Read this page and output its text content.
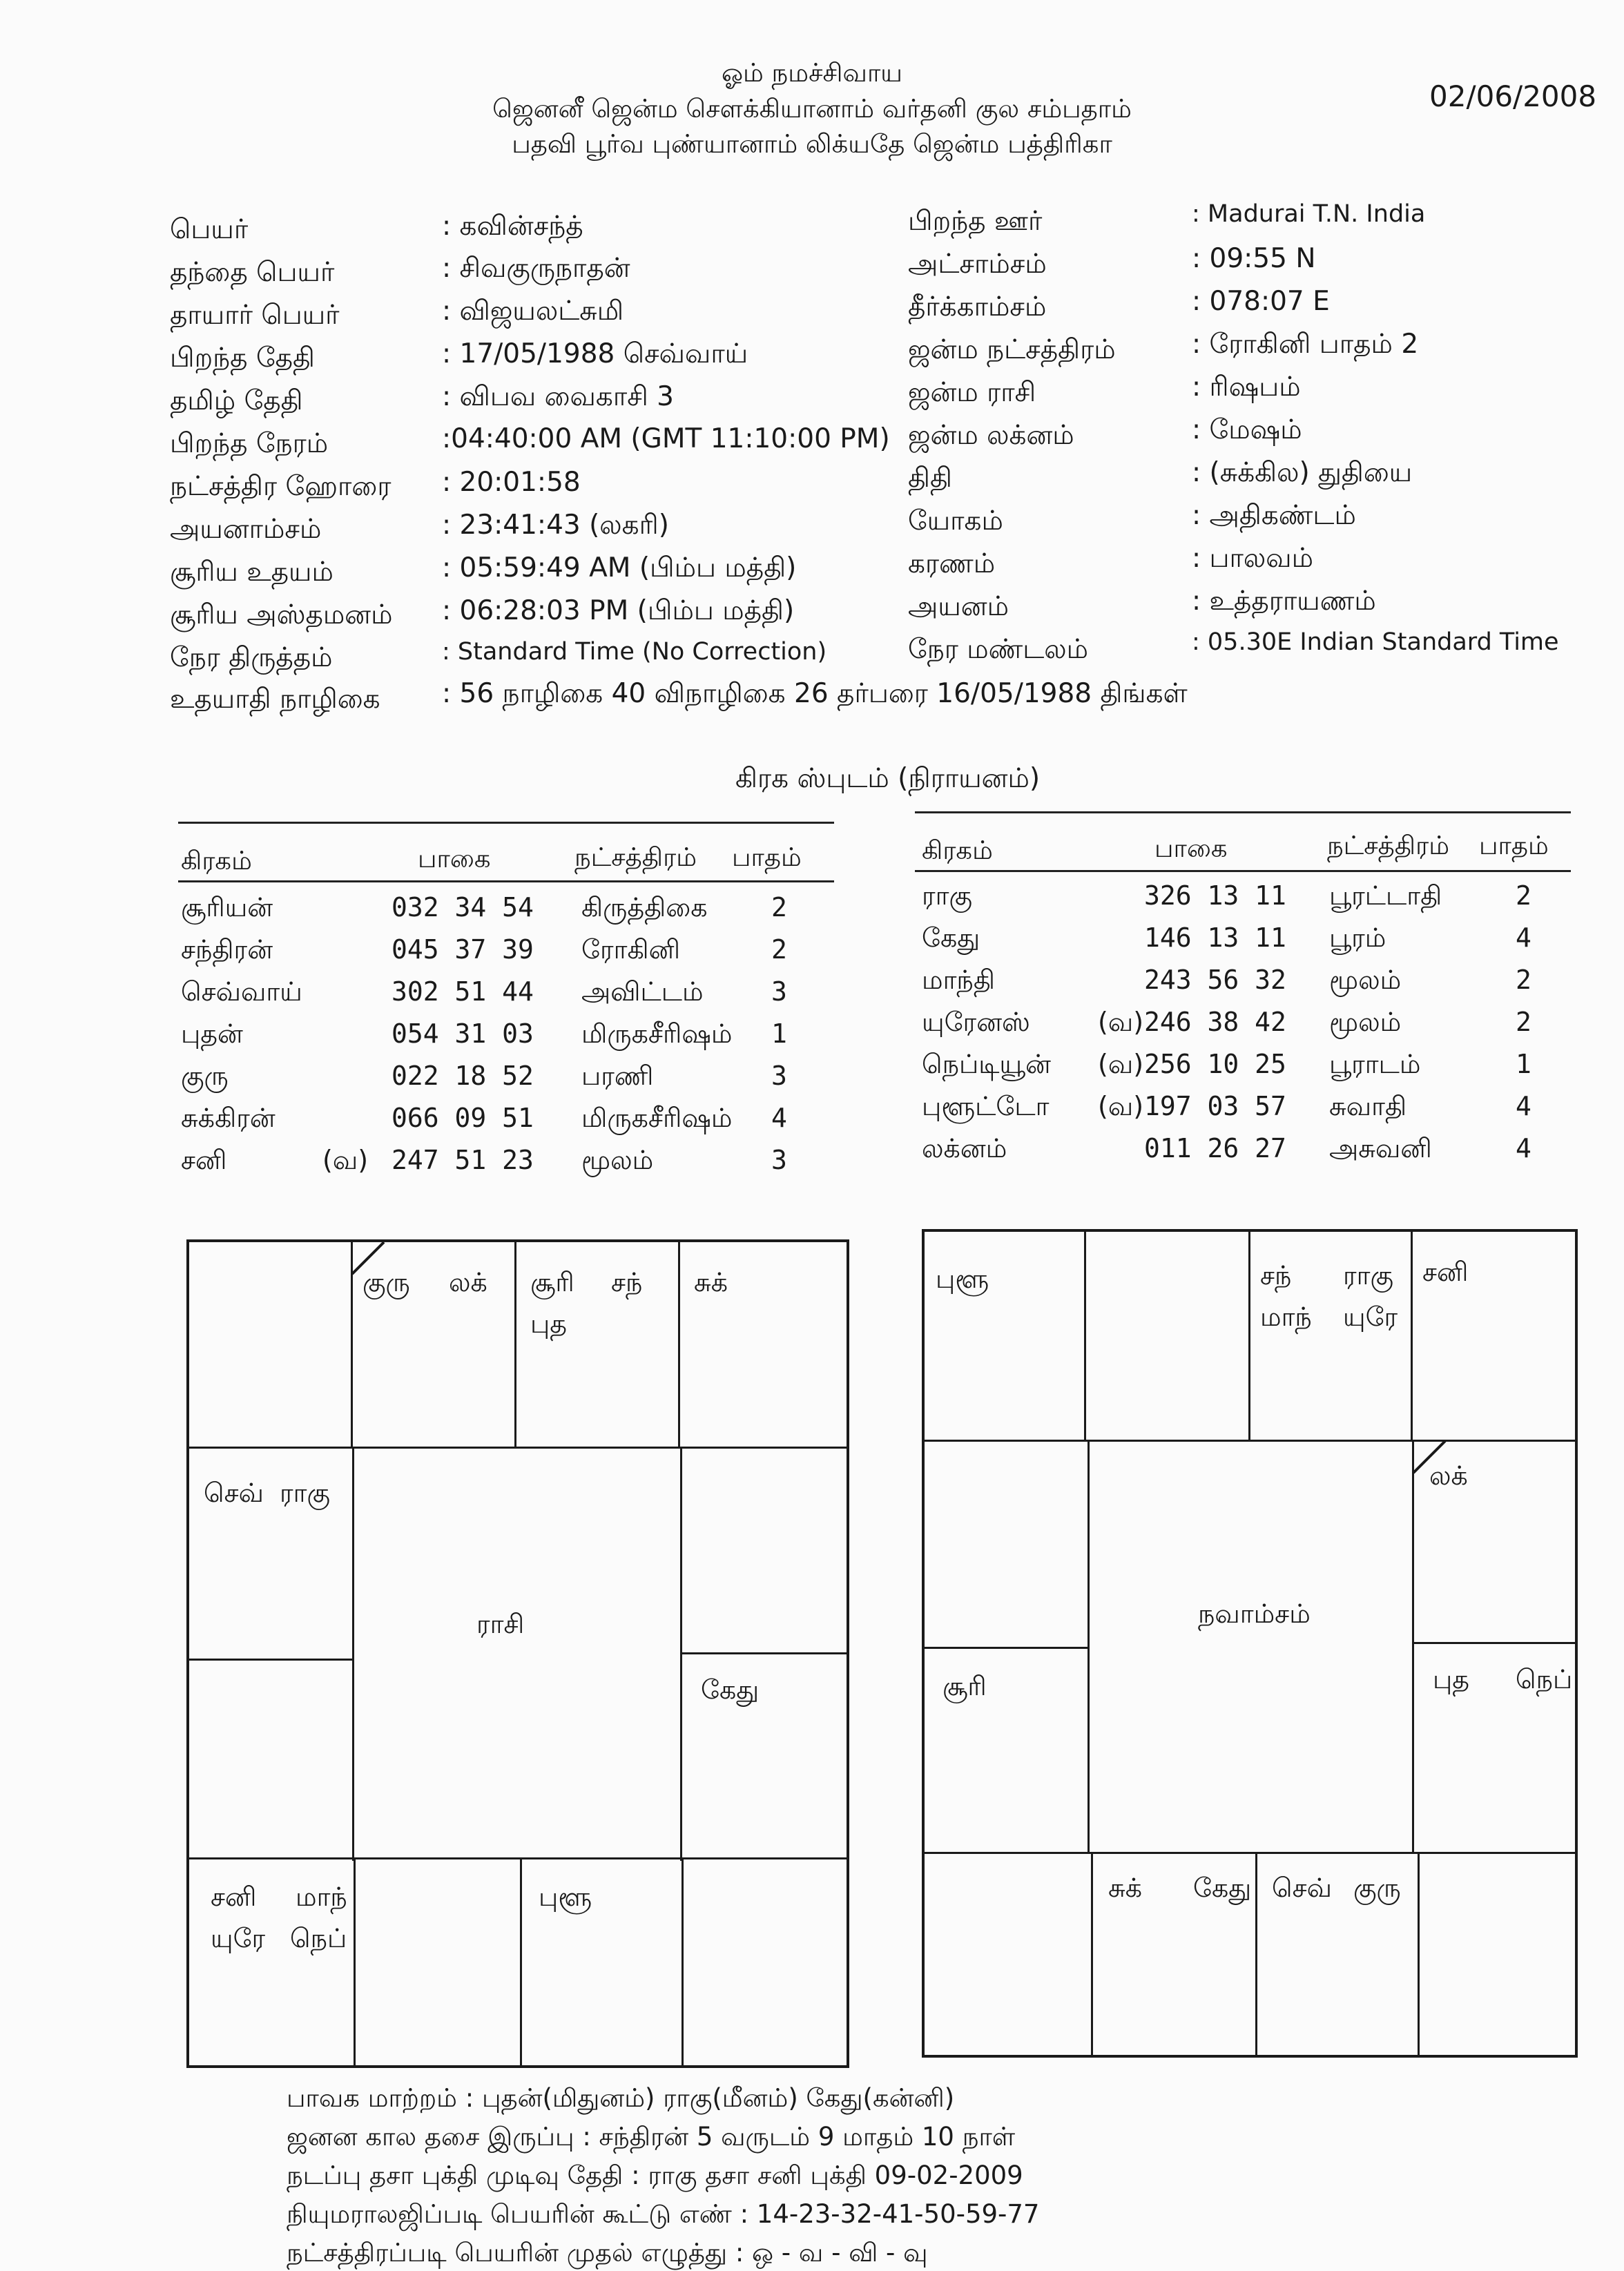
ஓம் நமச்சிவாய
ஜெனனீ ஜென்ம சௌக்கியானாம் வர்தனி குல சம்பதாம்
பதவி பூர்வ புண்யானாம் லிக்யதே ஜென்ம பத்திரிகா
02/06/2008
பெயர்	: கவின்சந்த்
தந்தை பெயர்	: சிவகுருநாதன்
தாயார் பெயர்	: விஜயலட்சுமி
பிறந்த தேதி	: 17/05/1988 செவ்வாய்
தமிழ் தேதி	: விபவ வைகாசி 3
பிறந்த நேரம்	:04:40:00 AM (GMT 11:10:00 PM)
நட்சத்திர ஹோரை : 20:01:58
அயனாம்சம்	: 23:41:43 (லகரி)
சூரிய உதயம்	: 05:59:49 AM (பிம்ப மத்தி)
சூரிய அஸ்தமனம் : 06:28:03 PM (பிம்ப மத்தி)
நேர திருத்தம்	: Standard Time (No Correction)
உதயாதி நாழிகை : 56 நாழிகை 40 விநாழிகை 26 தர்பரை 16/05/1988 திங்கள்
பிறந்த ஊர்	: Madurai T.N. India
அட்சாம்சம்	: 09:55 N
தீர்க்காம்சம்	: 078:07 E
ஜன்ம நட்சத்திரம்	: ரோகினி பாதம் 2
ஜன்ம ராசி	: ரிஷபம்
ஜன்ம லக்னம்	: மேஷம்
திதி	: (சுக்கில) துதியை
யோகம்	: அதிகண்டம்
கரணம்	: பாலவம்
அயனம்	: உத்தராயணம்
நேர மண்டலம்	: 05.30E Indian Standard Time
கிரக ஸ்புடம் (நிராயனம்)
கிரகம்	பாகை	நட்சத்திரம் பாதம்
சூரியன்	032 34 54 கிருத்திகை 2
சந்திரன்	045 37 39 ரோகினி	2
செவ்வாய்	302 51 44 அவிட்டம்	3
புதன்	054 31 03 மிருகசீரிஷம் 1
குரு	022 18 52 பரணி	3
சுக்கிரன்	066 09 51 மிருகசீரிஷம் 4
சனி	(வ) 247 51 23 மூலம்	3
கிரகம்	பாகை	நட்சத்திரம் பாதம்
ராகு	326 13 11 பூரட்டாதி	2
கேது	146 13 11 பூரம்	4
மாந்தி	243 56 32 மூலம்	2
யுரேனஸ்	(வ) 246 38 42 மூலம்	2
நெப்டியூன் (வ) 256 10 25 பூராடம்	1
புளூட்டோ (வ) 197 03 57 சுவாதி	4
லக்னம்	011 26 27 அசுவனி	4
ராசி
குரு லக் சூரி சந்
புத
சுக்
செவ் ராகு
கேது
சனி மாந்
யுரே நெப்
புளூ
நவாம்சம்
புளூ	சந் ராகு
மாந் யுரே
சனி
லக்
சூரி	புத நெப்
சுக் கேது செவ் குரு
பாவக மாற்றம் : புதன்(மிதுனம்) ராகு(மீனம்) கேது(கன்னி)
ஜனன கால தசை இருப்பு : சந்திரன் 5 வருடம் 9 மாதம் 10 நாள்
நடப்பு தசா புக்தி முடிவு தேதி : ராகு தசா சனி புக்தி 09-02-2009
நியுமராலஜிப்படி பெயரின் கூட்டு எண் : 14-23-32-41-50-59-77
நட்சத்திரப்படி பெயரின் முதல் எழுத்து : ஒ - வ - வி - வு
